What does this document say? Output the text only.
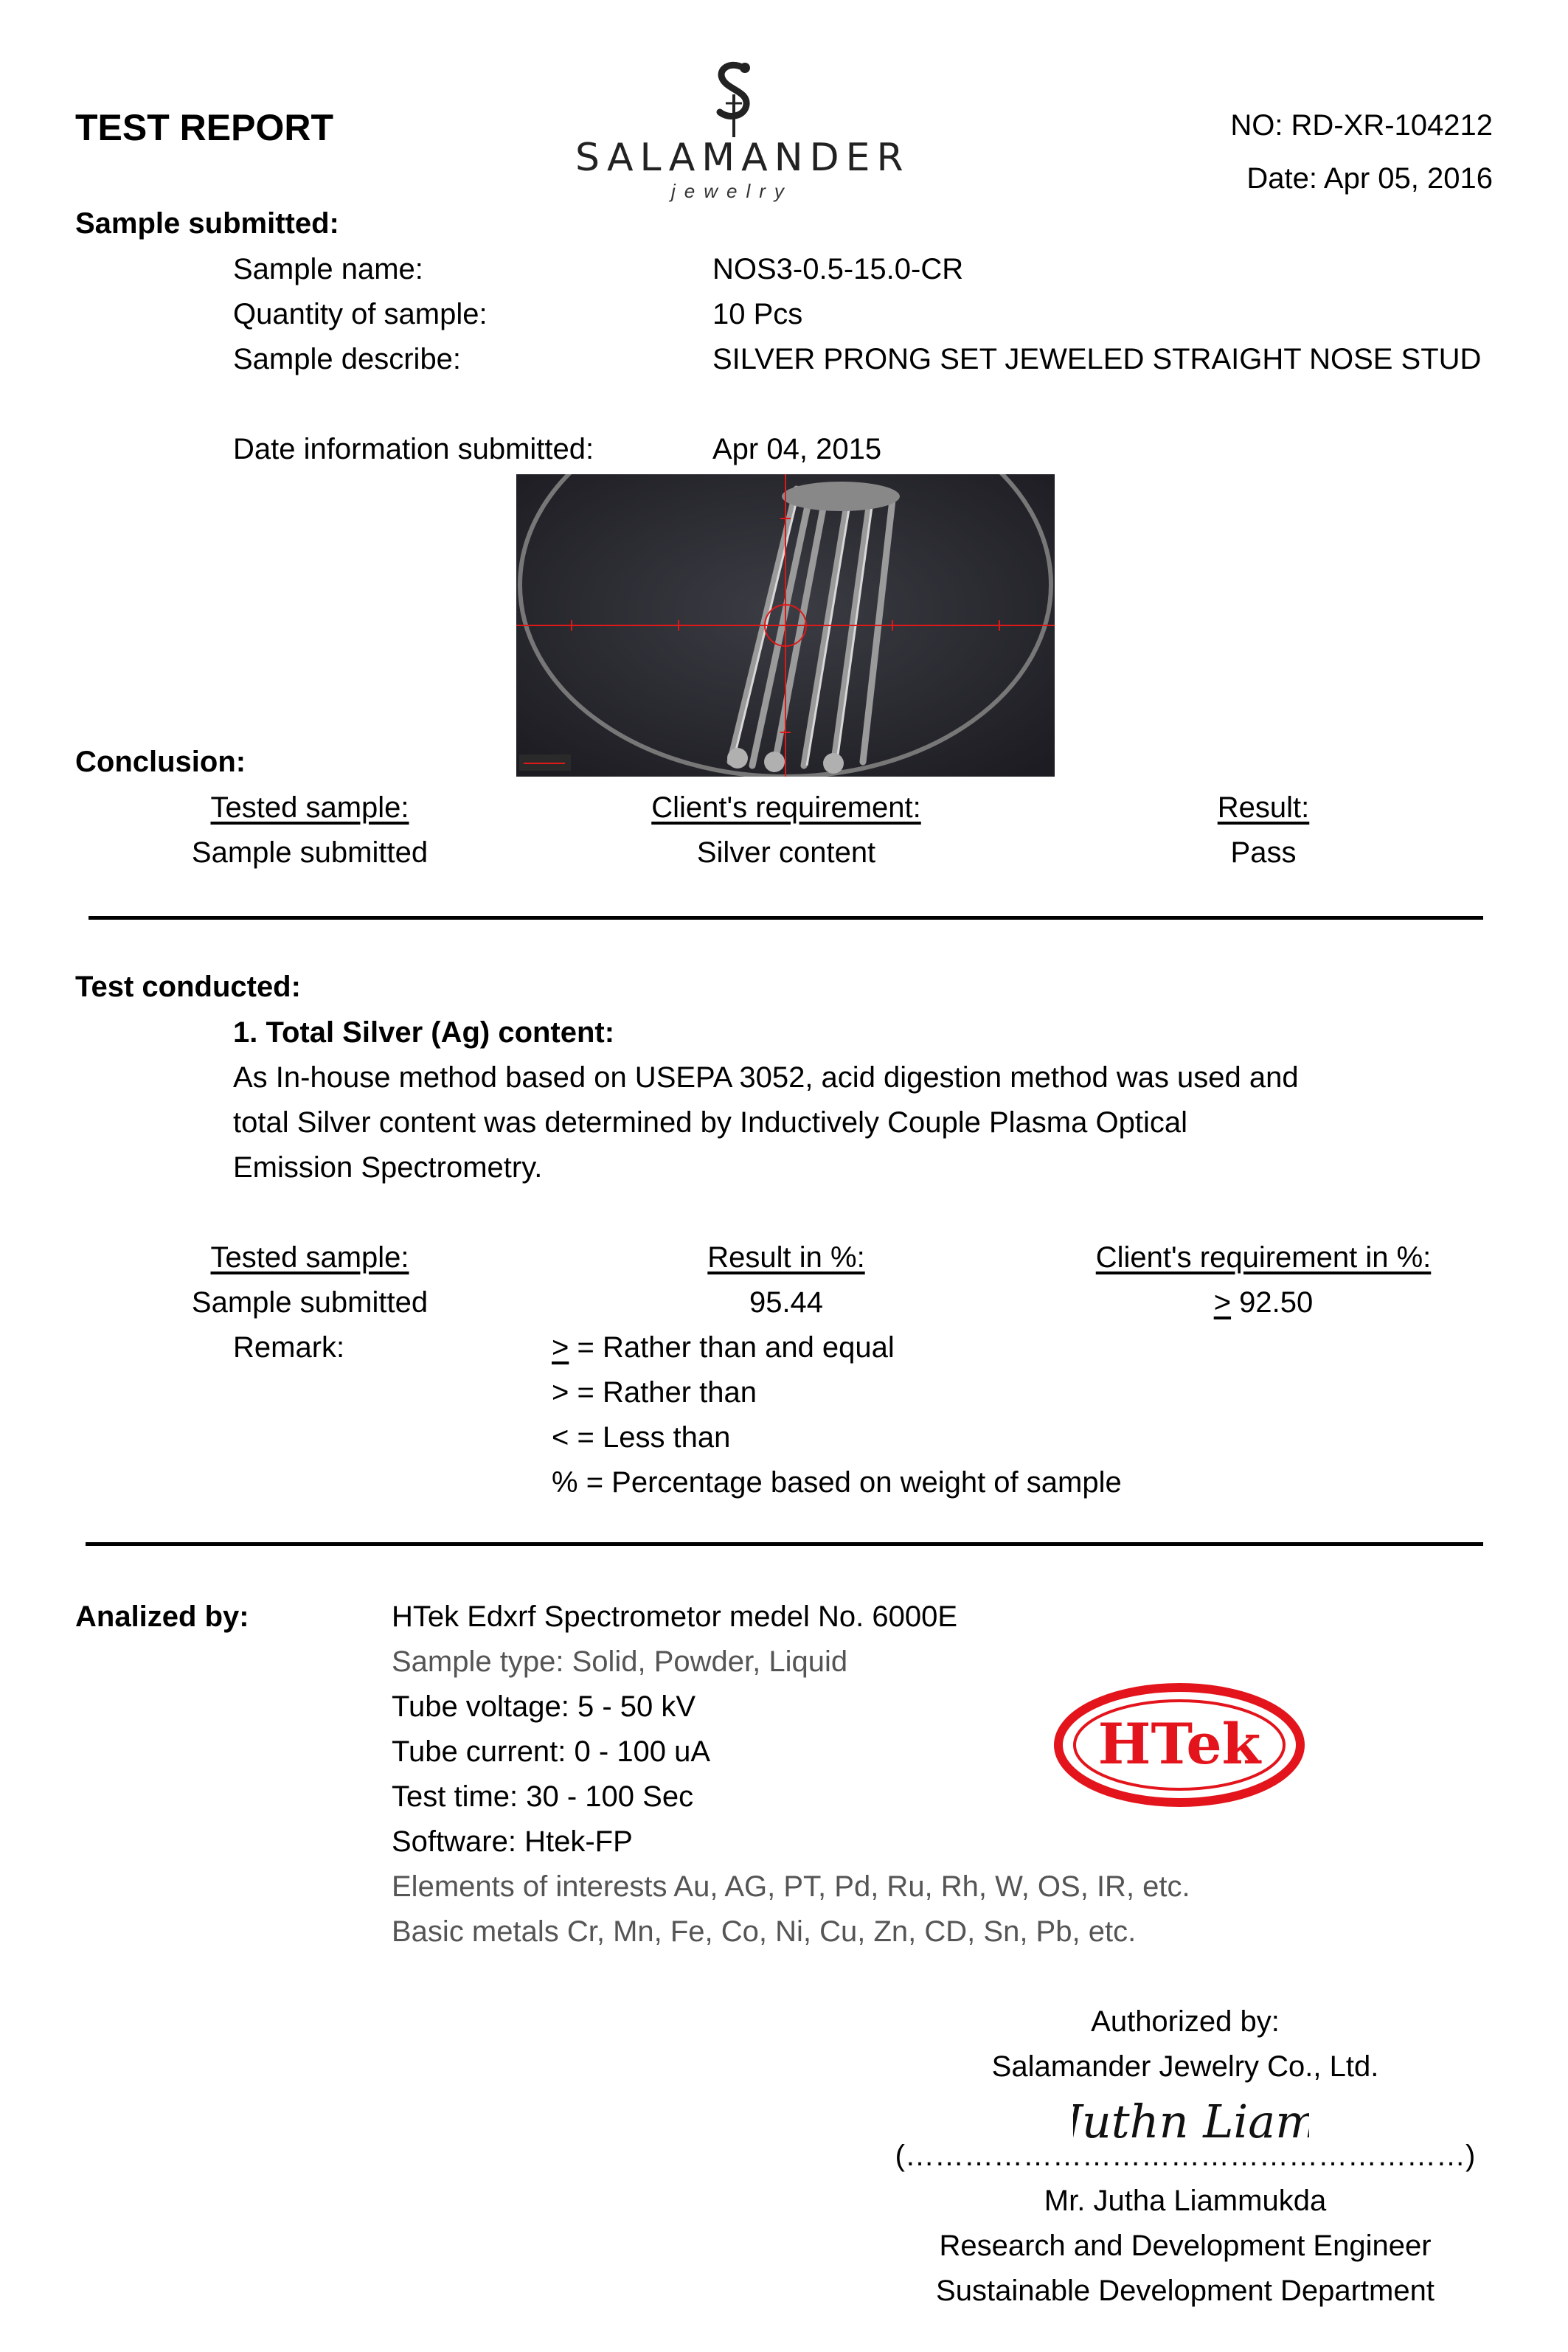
TEST REPORT
SALAMANDER
jewelry
NO: RD-XR-104212
Date: Apr 05, 2016
Sample submitted:
Sample name:	NOS3-0.5-15.0-CR
Quantity of sample:	10 Pcs
Sample describe:	SILVER PRONG SET JEWELED STRAIGHT NOSE STUD
Date information submitted:	Apr 04, 2015
Conclusion:
Tested sample:	Client's requirement:	Result:
Sample submitted	Silver content	Pass
Test conducted:
1. Total Silver (Ag) content:
As In-house method based on USEPA 3052, acid digestion method was used and
total Silver content was determined by Inductively Couple Plasma Optical
Emission Spectrometry.
Tested sample:	Result in %:	Client's requirement in %:
Sample submitted	95.44	≥ 92.50
Remark:	> = Rather than and equal
> = Rather than
< = Less than
% = Percentage based on weight of sample
Analized by:	HTek Edxrf Spectrometor medel No. 6000E
Sample type: Solid, Powder, Liquid
Tube voltage: 5 - 50 kV
Tube current: 0 - 100 uA
Test time: 30 - 100 Sec
Software: Htek-FP
Elements of interests Au, AG, PT, Pd, Ru, Rh, W, OS, IR, etc.
Basic metals Cr, Mn, Fe, Co, Ni, Cu, Zn, CD, Sn, Pb, etc.
HTek
Authorized by:
Salamander Jewelry Co., Ltd.
(…………………………………………………)
Juthn Liam
Mr. Jutha Liammukda
Research and Development Engineer
Sustainable Development Department
